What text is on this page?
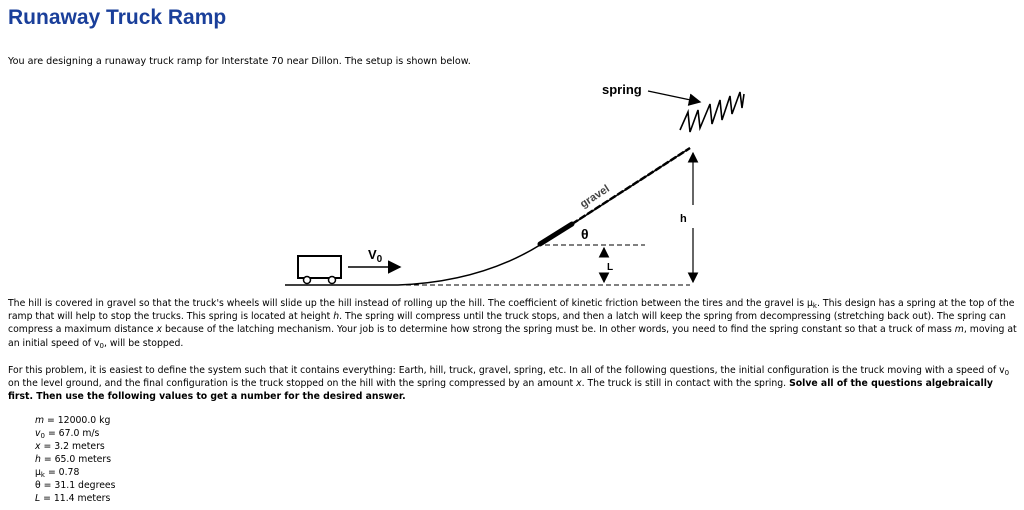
Runaway Truck Ramp
You are designing a runaway truck ramp for Interstate 70 near Dillon. The setup is shown below.
$V_0$
gravel
θ
L
h
spring

The hill is covered in gravel so that the truck's wheels will slide up the hill instead of rolling up the hill. The coefficient of kinetic friction between the tires and the gravel is $\mu_k$. This design has a spring at the top of the ramp that will help to stop the trucks. This spring is located at height h. The spring will compress until the truck stops, and then a latch will keep the spring from decompressing (stretching back out). The spring can compress a maximum distance x because of the latching mechanism. Your job is to determine how strong the spring must be. In other words, you need to find the spring constant so that a truck of mass m, moving at an initial speed of $v_0$, will be stopped.

For this problem, it is easiest to define the system such that it contains everything: Earth, hill, truck, gravel, spring, etc. In all of the following questions, the initial configuration is the truck moving with a speed of $v_0$ on the level ground, and the final configuration is the truck stopped on the hill with the spring compressed by an amount x. The truck is still in contact with the spring. Solve all of the questions algebraically first. Then use the following values to get a number for the desired answer.

m = 12000.0 kg
$v_0 = 67.0$ m/s
x = 3.2 meters
h = 65.0 meters
$\mu_k = 0.78$
θ = 31.1 degrees
L = 11.4 meters
